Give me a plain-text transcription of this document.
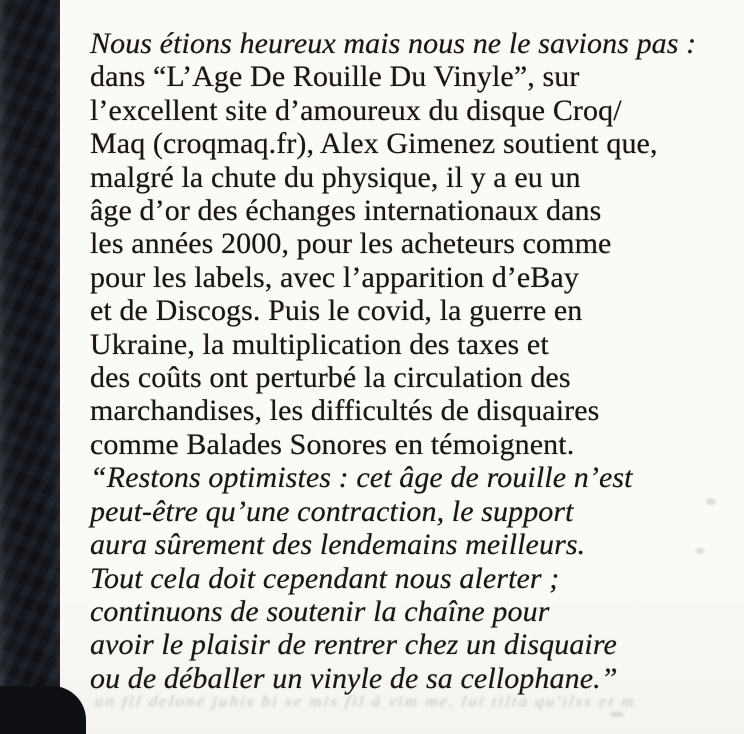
Nous étions heureux mais nous ne le savions pas :
dans “L’Age De Rouille Du Vinyle”, sur
l’excellent site d’amoureux du disque Croq/
Maq (croqmaq.fr), Alex Gimenez soutient que,
malgré la chute du physique, il y a eu un
âge d’or des échanges internationaux dans
les années 2000, pour les acheteurs comme
pour les labels, avec l’apparition d’eBay
et de Discogs. Puis le covid, la guerre en
Ukraine, la multiplication des taxes et
des coûts ont perturbé la circulation des
marchandises, les difficultés de disquaires
comme Balades Sonores en témoignent.
“Restons optimistes : cet âge de rouille n’est
peut-être qu’une contraction, le support
aura sûrement des lendemains meilleurs.
Tout cela doit cependant nous alerter ;
continuons de soutenir la chaîne pour
avoir le plaisir de rentrer chez un disquaire
ou de déballer un vinyle de sa cellophane.”
un fil deloné juhis bi se mis fil à vim me, lui tilta qu'ilss et m
